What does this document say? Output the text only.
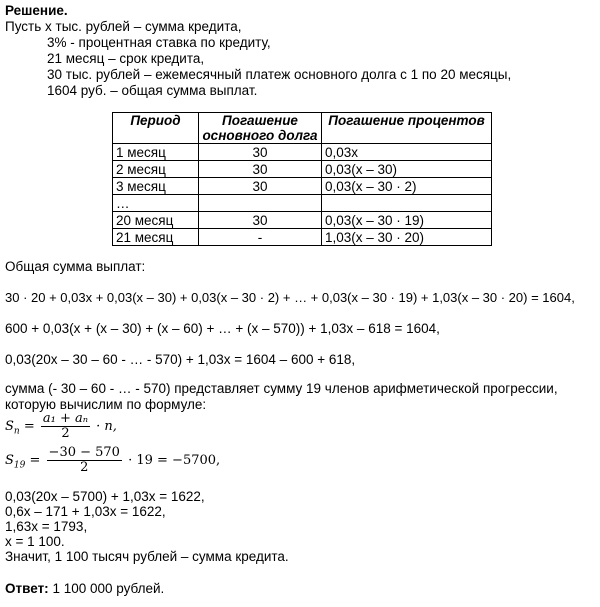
Решение.
Пусть x тыс. рублей – сумма кредита,
3% - процентная ставка по кредиту,
21 месяц – срок кредита,
30 тыс. рублей – ежемесячный платеж основного долга с 1 по 20 месяцы,
1604 руб. – общая сумма выплат.
Период	Погашение основного долга	Погашение процентов
1 месяц	30	0,03x
2 месяц	30	0,03(x – 30)
3 месяц	30	0,03(x – 30 · 2)
…		
20 месяц	30	0,03(x – 30 · 19)
21 месяц	-	1,03(x – 30 · 20)
Общая сумма выплат:
30 · 20 + 0,03x + 0,03(x – 30) + 0,03(x – 30 · 2) + … + 0,03(x – 30 · 19) + 1,03(x – 30 · 20) = 1604,
600 + 0,03(x + (x – 30) + (x – 60) + … + (x – 570)) + 1,03x – 618 = 1604,
0,03(20x – 30 – 60 - … - 570) + 1,03x = 1604 – 600 + 618,
сумма (- 30 – 60 - … - 570) представляет сумму 19 членов арифметической прогрессии,
которую вычислим по формуле:
$S_n = \frac{\text{a₁ + aₙ}}{2} \cdot n$,
$S_{19} = \frac{-30 - 570}{2} \cdot 19 = -5700$,
0,03(20x – 5700) + 1,03x = 1622,
0,6x – 171 + 1,03x = 1622,
1,63x = 1793,
x = 1 100.
Значит, 1 100 тысяч рублей – сумма кредита.
Ответ: 1 100 000 рублей.
